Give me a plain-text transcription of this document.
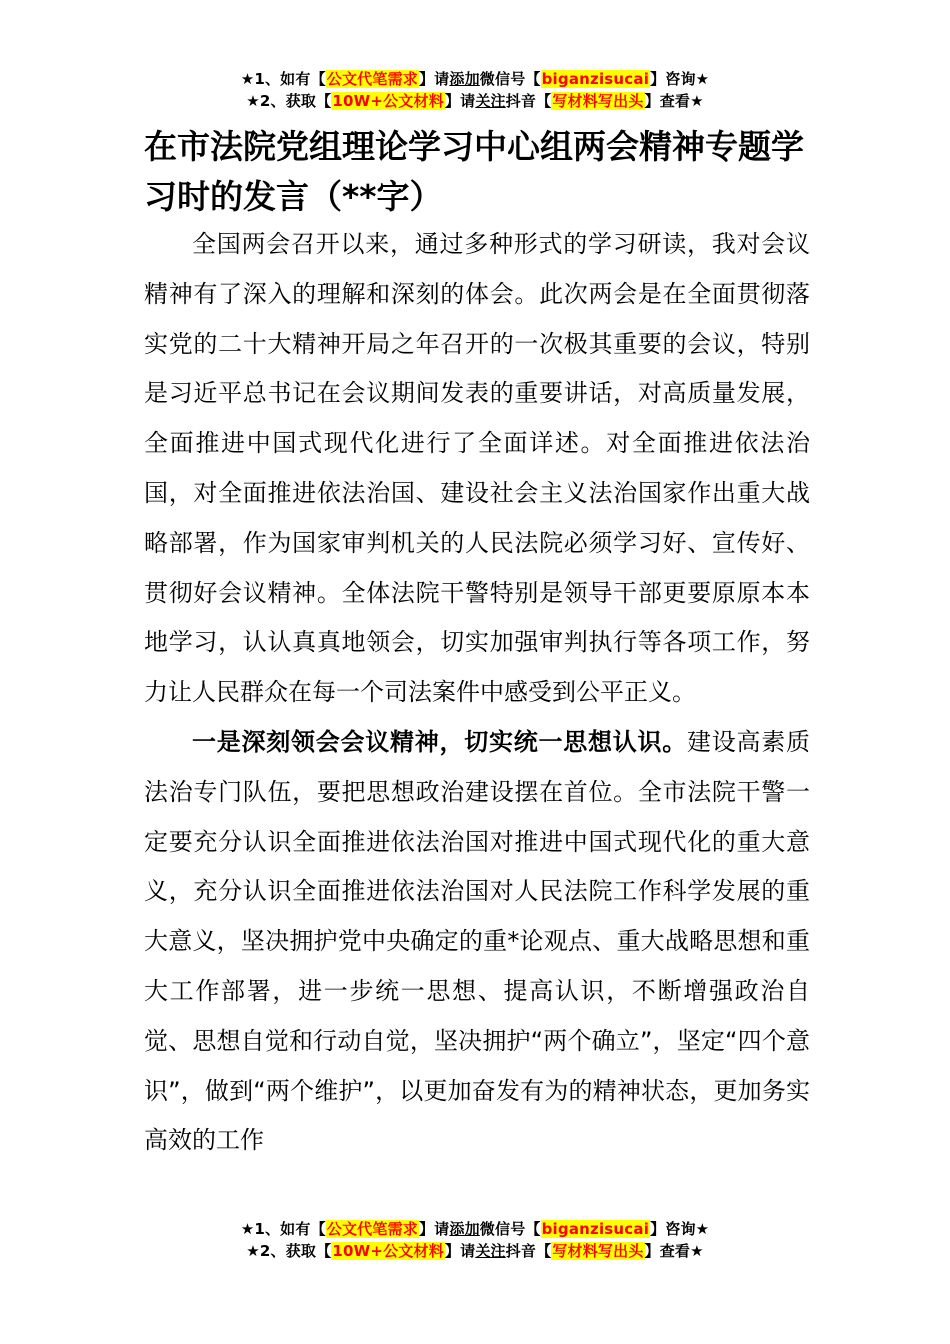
★1、如有【公文代笔需求】请添加微信号【biganzisucai】咨询★
★2、获取【10W+公文材料】请关注抖音【写材料写出头】查看★
在市法院党组理论学习中心组两会精神专题学习时的发言（**字）

全国两会召开以来，通过多种形式的学习研读，我对会议精神有了深入的理解和深刻的体会。此次两会是在全面贯彻落实党的二十大精神开局之年召开的一次极其重要的会议，特别是习近平总书记在会议期间发表的重要讲话，对高质量发展，全面推进中国式现代化进行了全面详述。对全面推进依法治国，对全面推进依法治国、建设社会主义法治国家作出重大战略部署，作为国家审判机关的人民法院必须学习好、宣传好、贯彻好会议精神。全体法院干警特别是领导干部更要原原本本地学习，认认真真地领会，切实加强审判执行等各项工作，努力让人民群众在每一个司法案件中感受到公平正义。

一是深刻领会会议精神，切实统一思想认识。建设高素质法治专门队伍，要把思想政治建设摆在首位。全市法院干警一定要充分认识全面推进依法治国对推进中国式现代化的重大意义，充分认识全面推进依法治国对人民法院工作科学发展的重大意义，坚决拥护党中央确定的重*论观点、重大战略思想和重大工作部署，进一步统一思想、提高认识，不断增强政治自觉、思想自觉和行动自觉，坚决拥护“两个确立”，坚定“四个意识”，做到“两个维护”，以更加奋发有为的精神状态，更加务实高效的工作

★1、如有【公文代笔需求】请添加微信号【biganzisucai】咨询★
★2、获取【10W+公文材料】请关注抖音【写材料写出头】查看★
